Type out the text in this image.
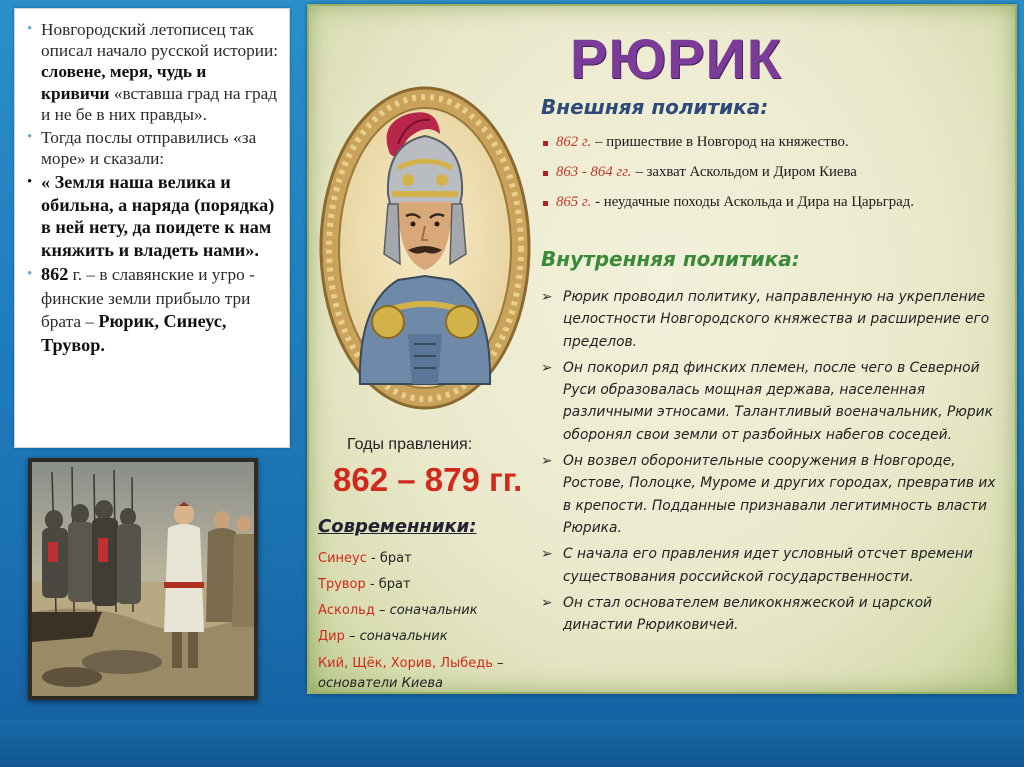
• Новгородский летописец так описал начало русской истории: словене, меря, чудь и кривичи «вставша град на град и не бе в них правды».

• Тогда послы отправились «за море» и сказали:

• « Земля наша велика и обильна, а наряда (порядка) в ней нету, да поидете к нам княжить и владеть нами».

• 862 г. – в славянские и угро - финские земли прибыло три брата – Рюрик, Синеус, Трувор.

РЮРИК
Внешняя политика:
862 г. – пришествие в Новгород на княжество.
863 - 864 гг. – захват Аскольдом и Диром Киева
865 г. - неудачные походы Аскольда и Дира на Царьград.
Внутренняя политика:
➢ Рюрик проводил политику, направленную на укрепление целостности Новгородского княжества и расширение его пределов.
➢ Он покорил ряд финских племен, после чего в Северной Руси образовалась мощная держава, населенная различными этносами. Талантливый военачальник, Рюрик оборонял свои земли от разбойных набегов соседей.
➢ Он возвел оборонительные сооружения в Новгороде, Ростове, Полоцке, Муроме и других городах, превратив их в крепости. Подданные признавали легитимность власти Рюрика.
➢ С начала его правления идет условный отсчет времени существования российской государственности.
➢ Он стал основателем великокняжеской и царской династии Рюриковичей.
Годы правления:
862 – 879 гг.
Современники:
Синеус - брат
Трувор - брат
Аскольд – соначальник
Дир – соначальник
Кий, Щёк, Хорив, Лыбедь –
основатели Киева
